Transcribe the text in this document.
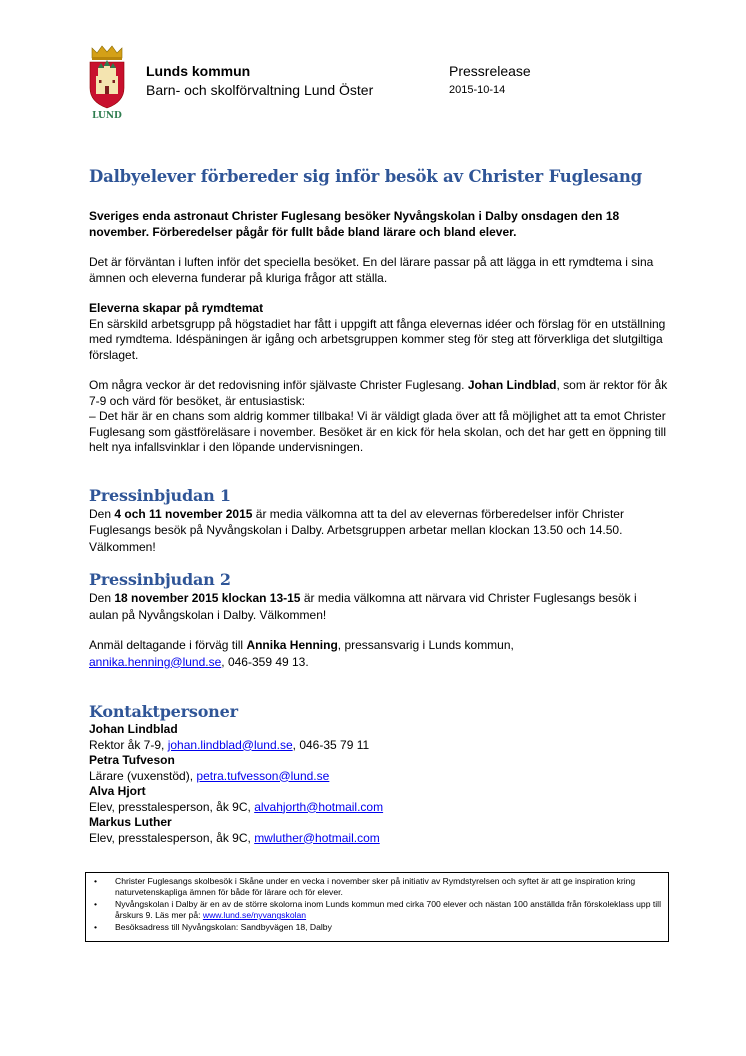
LUND
Lunds kommun
Barn- och skolförvaltning Lund Öster
Pressrelease
2015-10-14
Dalbyelever förbereder sig inför besök av Christer Fuglesang

Sveriges enda astronaut Christer Fuglesang besöker Nyvångskolan i Dalby onsdagen den 18 november. Förberedelser pågår för fullt både bland lärare och bland elever.

Det är förväntan i luften inför det speciella besöket. En del lärare passar på att lägga in ett rymdtema i sina ämnen och eleverna funderar på kluriga frågor att ställa.

Eleverna skapar på rymdtemat

En särskild arbetsgrupp på högstadiet har fått i uppgift att fånga elevernas idéer och förslag för en utställning med rymdtema. Idéspäningen är igång och arbetsgruppen kommer steg för steg att förverkliga det slutgiltiga förslaget.

Om några veckor är det redovisning inför självaste Christer Fuglesang. Johan Lindblad, som är rektor för åk 7-9 och värd för besöket, är entusiastisk:

– Det här är en chans som aldrig kommer tillbaka! Vi är väldigt glada över att få möjlighet att ta emot Christer Fuglesang som gästföreläsare i november. Besöket är en kick för hela skolan, och det har gett en öppning till helt nya infallsvinklar i den löpande undervisningen.

Pressinbjudan 1

Den 4 och 11 november 2015 är media välkomna att ta del av elevernas förberedelser inför Christer Fuglesangs besök på Nyvångskolan i Dalby. Arbetsgruppen arbetar mellan klockan 13.50 och 14.50. Välkommen!

Pressinbjudan 2

Den 18 november 2015 klockan 13-15 är media välkomna att närvara vid Christer Fuglesangs besök i aulan på Nyvångskolan i Dalby. Välkommen!

Anmäl deltagande i förväg till Annika Henning, pressansvarig i Lunds kommun,
annika.henning@lund.se, 046-359 49 13.

Kontaktpersoner

Johan Lindblad

Rektor åk 7-9, johan.lindblad@lund.se, 046-35 79 11

Petra Tufveson

Lärare (vuxenstöd), petra.tufvesson@lund.se

Alva Hjort

Elev, presstalesperson, åk 9C, alvahjorth@hotmail.com

Markus Luther

Elev, presstalesperson, åk 9C, mwluther@hotmail.com

• Christer Fuglesangs skolbesök i Skåne under en vecka i november sker på initiativ av Rymdstyrelsen och syftet är att ge inspiration kring naturvetenskapliga ämnen för både för lärare och för elever.
• Nyvångskolan i Dalby är en av de större skolorna inom Lunds kommun med cirka 700 elever och nästan 100 anställda från förskoleklass upp till årskurs 9. Läs mer på: www.lund.se/nyvangskolan
• Besöksadress till Nyvångskolan: Sandbyvägen 18, Dalby
